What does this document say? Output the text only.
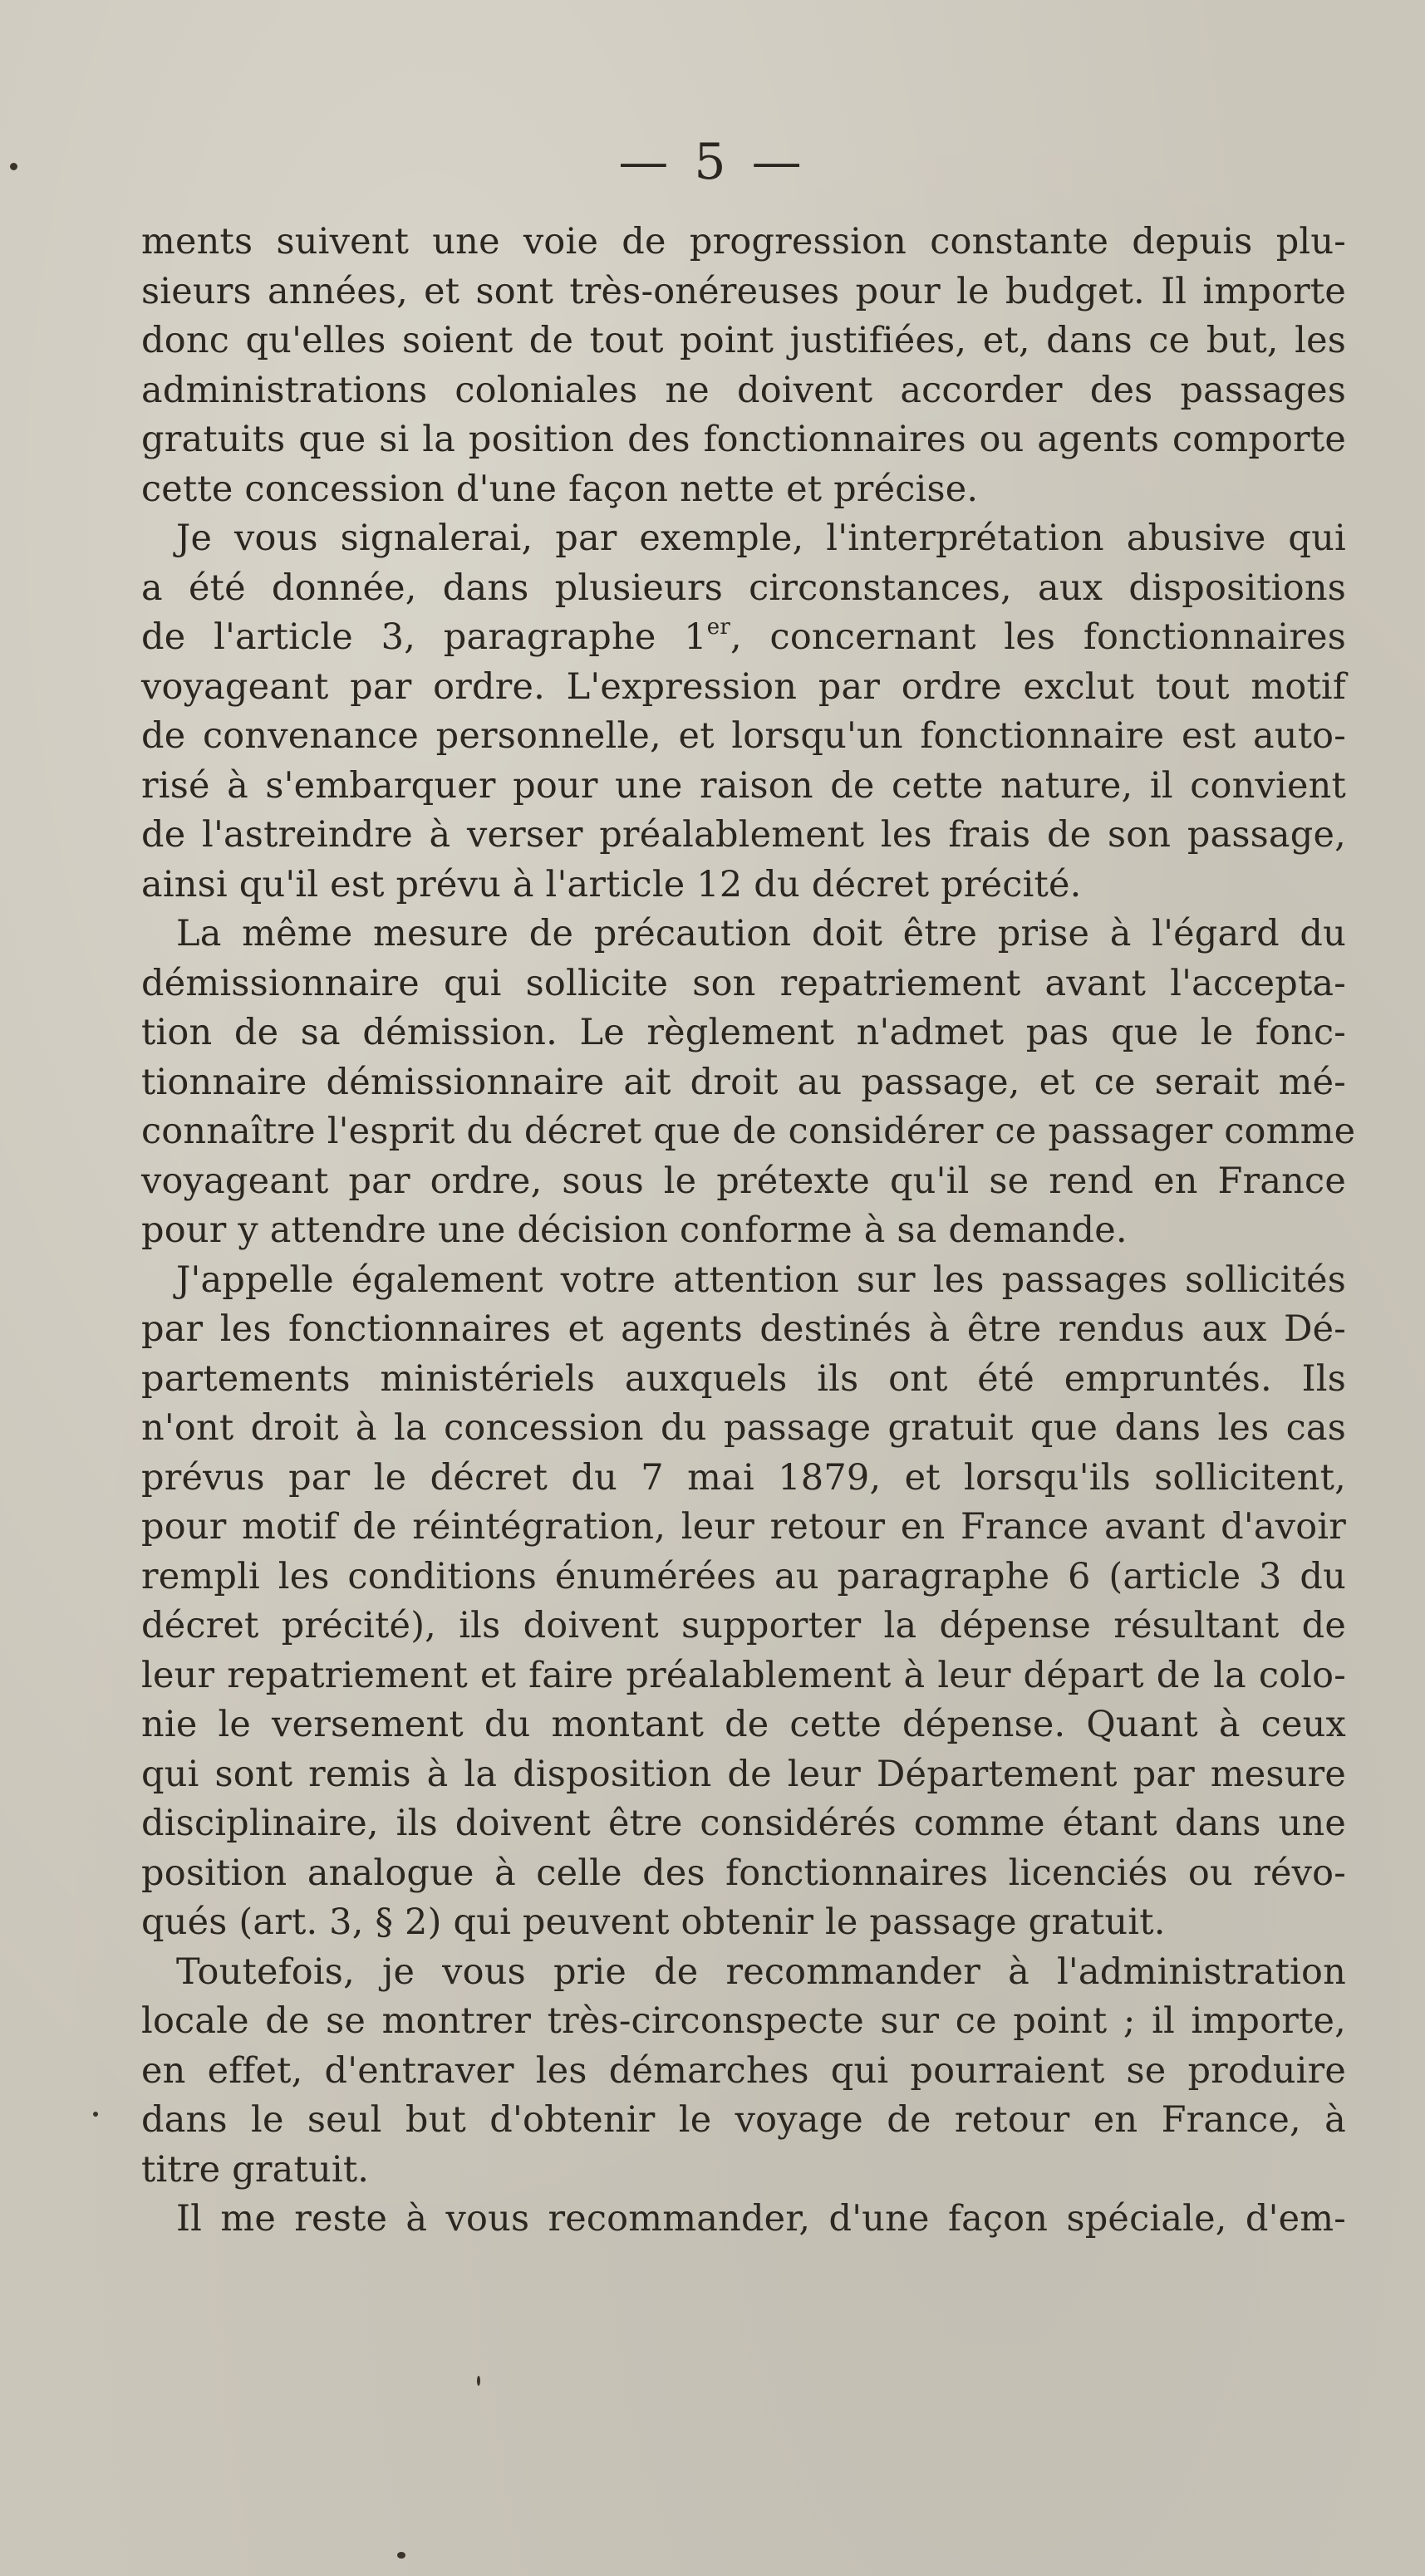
— 5 —
ments suivent une voie de progression constante depuis plu-
sieurs années, et sont très-onéreuses pour le budget. Il importe
donc qu'elles soient de tout point justifiées, et, dans ce but, les
administrations coloniales ne doivent accorder des passages
gratuits que si la position des fonctionnaires ou agents comporte
cette concession d'une façon nette et précise.
Je vous signalerai, par exemple, l'interprétation abusive qui
a été donnée, dans plusieurs circonstances, aux dispositions
de l'article 3, paragraphe 1er, concernant les fonctionnaires
voyageant par ordre. L'expression par ordre exclut tout motif
de convenance personnelle, et lorsqu'un fonctionnaire est auto-
risé à s'embarquer pour une raison de cette nature, il convient
de l'astreindre à verser préalablement les frais de son passage,
ainsi qu'il est prévu à l'article 12 du décret précité.
La même mesure de précaution doit être prise à l'égard du
démissionnaire qui sollicite son repatriement avant l'accepta-
tion de sa démission. Le règlement n'admet pas que le fonc-
tionnaire démissionnaire ait droit au passage, et ce serait mé-
connaître l'esprit du décret que de considérer ce passager comme
voyageant par ordre, sous le prétexte qu'il se rend en France
pour y attendre une décision conforme à sa demande.
J'appelle également votre attention sur les passages sollicités
par les fonctionnaires et agents destinés à être rendus aux Dé-
partements ministériels auxquels ils ont été empruntés. Ils
n'ont droit à la concession du passage gratuit que dans les cas
prévus par le décret du 7 mai 1879, et lorsqu'ils sollicitent,
pour motif de réintégration, leur retour en France avant d'avoir
rempli les conditions énumérées au paragraphe 6 (article 3 du
décret précité), ils doivent supporter la dépense résultant de
leur repatriement et faire préalablement à leur départ de la colo-
nie le versement du montant de cette dépense. Quant à ceux
qui sont remis à la disposition de leur Département par mesure
disciplinaire, ils doivent être considérés comme étant dans une
position analogue à celle des fonctionnaires licenciés ou révo-
qués (art. 3, § 2) qui peuvent obtenir le passage gratuit.
Toutefois, je vous prie de recommander à l'administration
locale de se montrer très-circonspecte sur ce point ; il importe,
en effet, d'entraver les démarches qui pourraient se produire
dans le seul but d'obtenir le voyage de retour en France, à
titre gratuit.
Il me reste à vous recommander, d'une façon spéciale, d'em-
